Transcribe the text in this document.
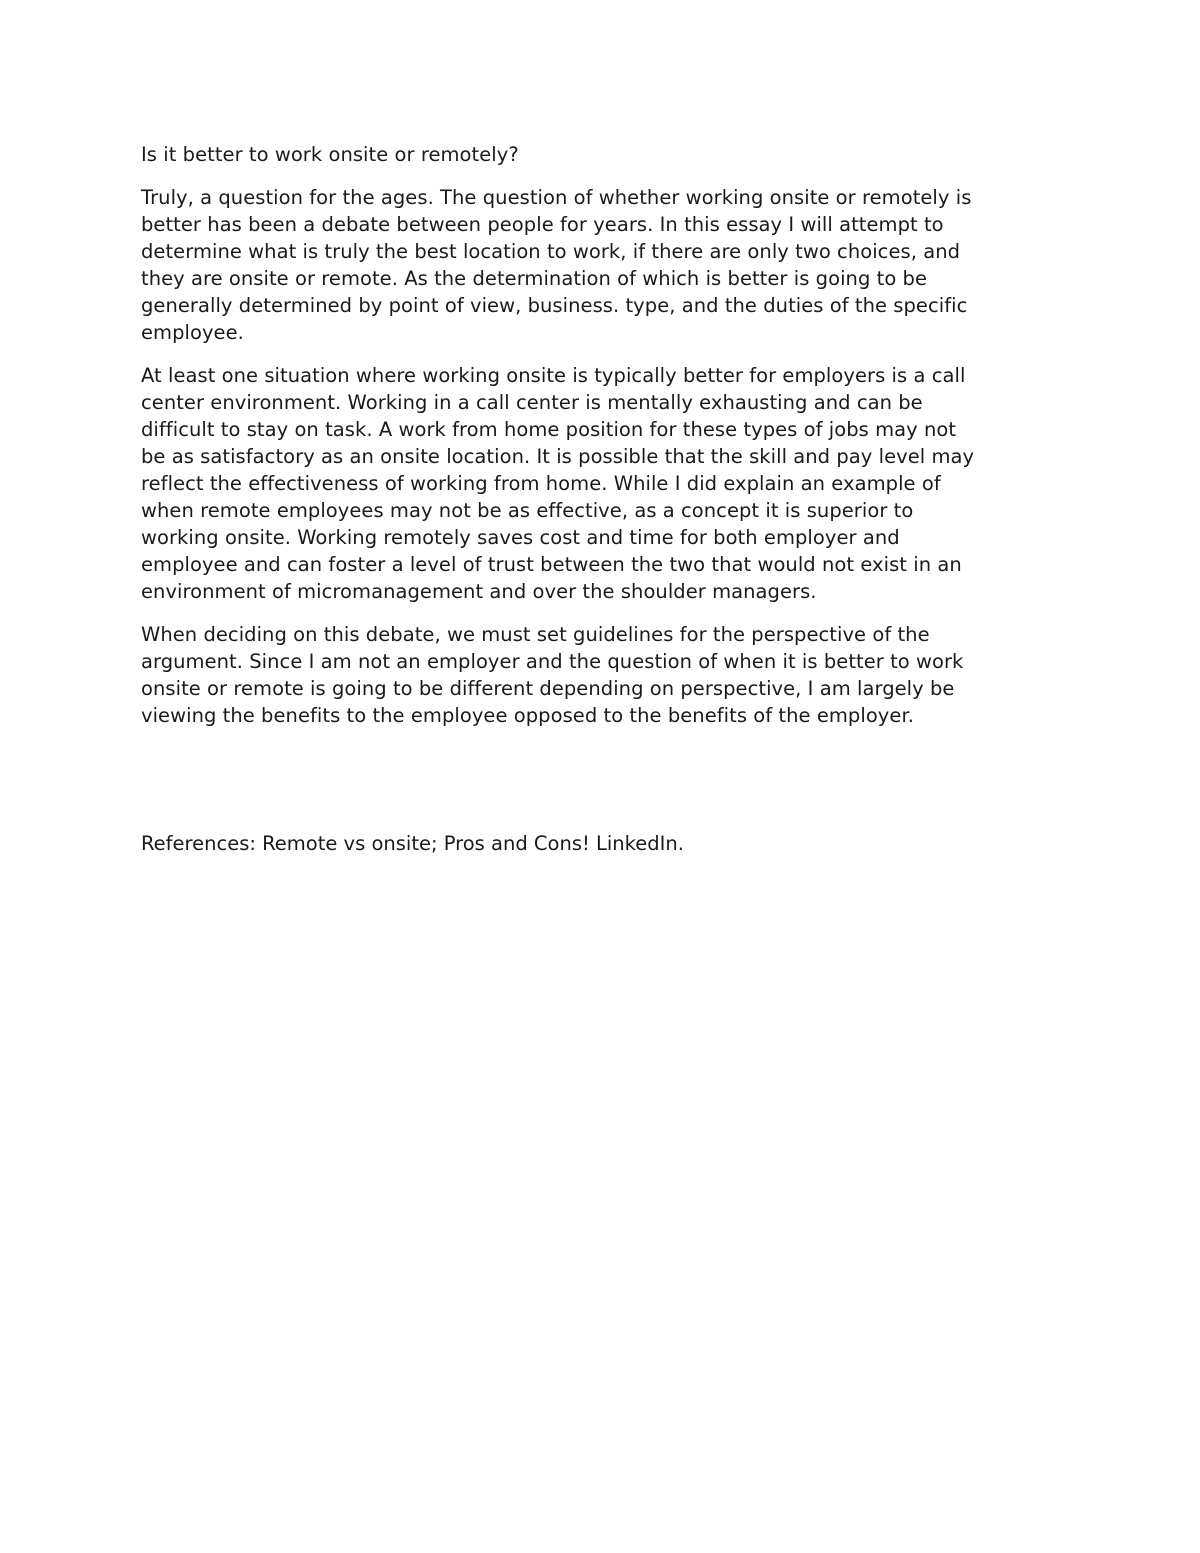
Is it better to work onsite or remotely?
Truly, a question for the ages. The question of whether working onsite or remotely is
better has been a debate between people for years. In this essay I will attempt to
determine what is truly the best location to work, if there are only two choices, and
they are onsite or remote. As the determination of which is better is going to be
generally determined by point of view, business. type, and the duties of the specific
employee.
At least one situation where working onsite is typically better for employers is a call
center environment. Working in a call center is mentally exhausting and can be
difficult to stay on task. A work from home position for these types of jobs may not
be as satisfactory as an onsite location. It is possible that the skill and pay level may
reflect the effectiveness of working from home. While I did explain an example of
when remote employees may not be as effective, as a concept it is superior to
working onsite. Working remotely saves cost and time for both employer and
employee and can foster a level of trust between the two that would not exist in an
environment of micromanagement and over the shoulder managers.
When deciding on this debate, we must set guidelines for the perspective of the
argument. Since I am not an employer and the question of when it is better to work
onsite or remote is going to be different depending on perspective, I am largely be
viewing the benefits to the employee opposed to the benefits of the employer.
References: Remote vs onsite; Pros and Cons! LinkedIn.
